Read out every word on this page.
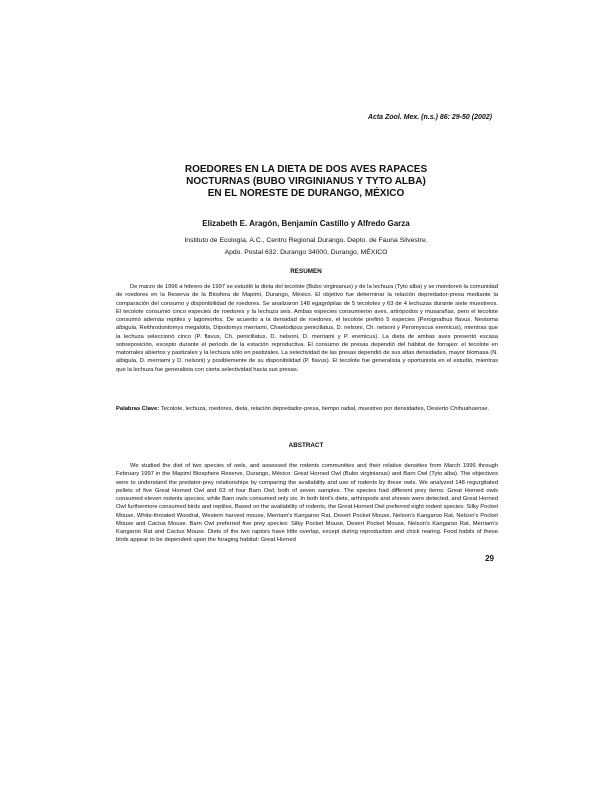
Acta Zool. Mex. (n.s.) 86: 29-50 (2002)
ROEDORES EN LA DIETA DE DOS AVES RAPACES
NOCTURNAS (BUBO VIRGINIANUS Y TYTO ALBA)
EN EL NORESTE DE DURANGO, MÉXICO
Elizabeth E. Aragón, Benjamín Castillo y Alfredo Garza
Instituto de Ecología, A.C., Centro Regional Durango. Depto. de Fauna Silvestre.
Apdo. Postal 632. Durango 34000, Durango, MÉXICO
RESUMEN

De marzo de 1996 a febrero de 1997 se estudió la dieta del tecolote (Bubo virginianus) y de la lechuza (Tyto alba) y se monitoreó la comunidad de roedores en la Reserva de la Biosfera de Mapimí, Durango, México. El objetivo fue determinar la relación depredador-presa mediante la comparación del consumo y disponibilidad de roedores. Se analizaron 148 egagrópilas de 5 tecolotes y 63 de 4 lechuzas durante siete muestreos. El tecolote consumió cinco especies de roedores y la lechuza seis. Ambas especies consumieron aves, artrópodos y musarañas, pero el tecolote consumió además reptiles y lagomorfos. De acuerdo a la densidad de roedores, el tecolote prefirió 5 especies (Perognathus flavus, Neotoma albigula, Reithrodontomys megalotis, Dipodomys merriami, Chaetodipus penicillatus, D. nelsoni, Ch. nelsoni y Peromyscus eremicus), mientras que la lechuza seleccionó cinco (P. flavus, Ch. penicillatus, D. nelsoni, D. merriami y P. eremicus). La dieta de ambas aves presentó escasa sobreposición, excepto durante el periodo de la estación reproductiva. El consumo de presas dependió del hábitat de forrajeo: el tecolote en matorrales abiertos y pastizales y la lechuza sólo en pastizales. La selectividad de las presas dependió de sus altas densidades, mayor biomasa (N. albigula, D. merriami y D. nelsoni) y posiblemente de su disponibilidad (P. flavus). El tecolote fue generalista y oportunista en el estudio, mientras que la lechuza fue generalista con cierta selectividad hacia sus presas.

Palabras Clave: Tecolote, lechuza, roedores, dieta, relación depredador-presa, tiempo radial, muestreo por densidades, Desierto Chihuahuense.
ABSTRACT

We studied the diet of two species of owls, and assessed the rodents communities and their relative densities from March 1996 through February 1997 in the Mapimí Biosphere Reserve, Durango, México: Great Horned Owl (Bubo virginianus) and Barn Owl (Tyto alba). The objectives were to understand the predator-prey relationships by comparing the availability and use of rodents by these owls. We analyzed 148 regurgitated pellets of five Great Horned Owl and 63 of four Barn Owl, both of seven samples. The species had different prey items: Great Horned owls consumed eleven rodents species, while Barn owls consumed only six. In both bird's diets, arthropods and shrews were detected, and Great Horned Owl furthermore consumed birds and reptiles. Based on the availability of rodents, the Great Horned Owl preferred eight rodent species: Silky Pocket Mouse, White-throated Woodrat, Western harvest mouse, Merriam's Kangaroo Rat, Desert Pocket Mouse, Nelson's Kangaroo Rat, Nelson's Pocket Mouse and Cactus Mouse. Barn Owl preferred five prey species: Silky Pocket Mouse, Desert Pocket Mouse, Nelson's Kangaroo Rat, Merriam's Kangaroo Rat and Cactus Mouse. Diets of the two raptors have little overlap, except during reproduction and chick rearing. Food habits of these birds appear to be dependent upon the foraging habitat: Great Horned

29
